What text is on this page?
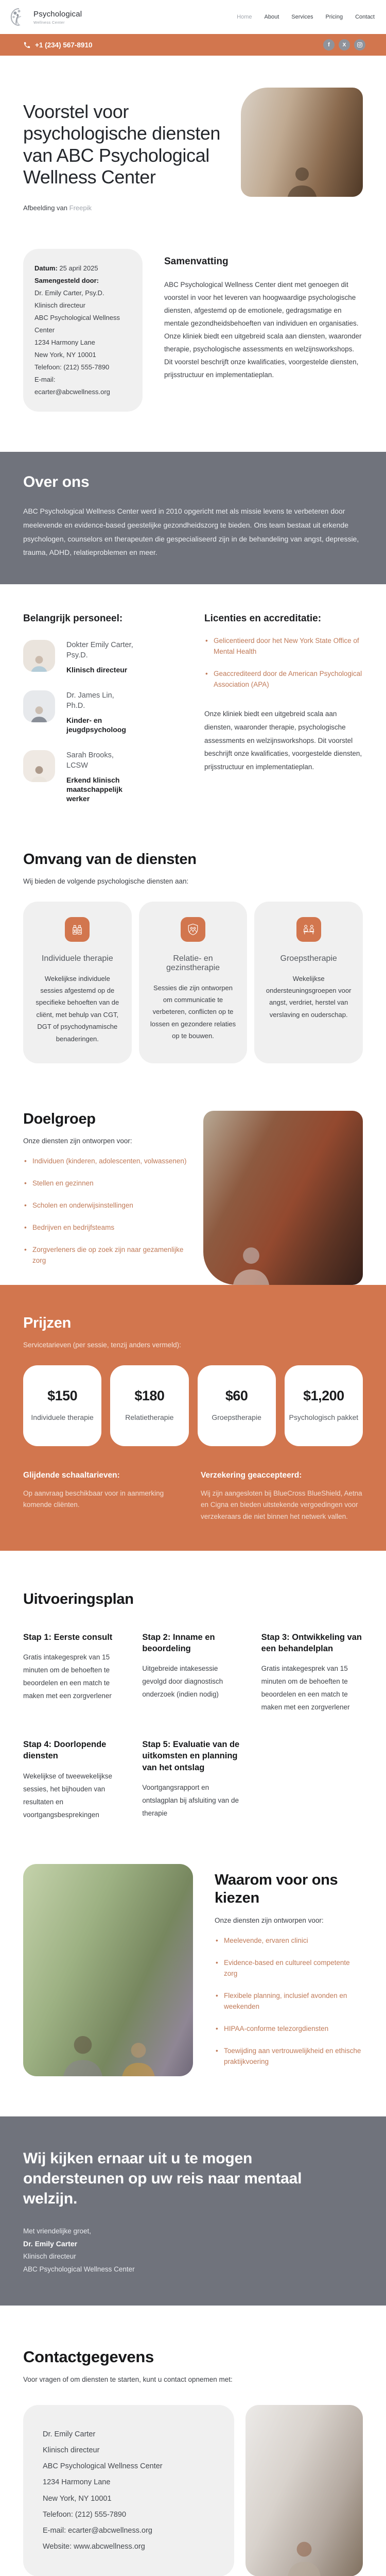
Psychological
Wellness Center
Home About Services Pricing Contact
+1 (234) 567-8910	f	X
Voorstel voor psychologische diensten van ABC Psychological Wellness Center

Afbeelding van Freepik

Datum: 25 april 2025
Samengesteld door:
Dr. Emily Carter, Psy.D.
Klinisch directeur
ABC Psychological Wellness Center
1234 Harmony Lane
New York, NY 10001
Telefoon: (212) 555-7890
E-mail: ecarter@abcwellness.org
Samenvatting

ABC Psychological Wellness Center dient met genoegen dit voorstel in voor het leveren van hoogwaardige psychologische diensten, afgestemd op de emotionele, gedragsmatige en mentale gezondheidsbehoeften van individuen en organisaties. Onze kliniek biedt een uitgebreid scala aan diensten, waaronder therapie, psychologische assessments en welzijnsworkshops. Dit voorstel beschrijft onze kwalificaties, voorgestelde diensten, prijsstructuur en implementatieplan.

Over ons

ABC Psychological Wellness Center werd in 2010 opgericht met als missie levens te verbeteren door meelevende en evidence-based geestelijke gezondheidszorg te bieden. Ons team bestaat uit erkende psychologen, counselors en therapeuten die gespecialiseerd zijn in de behandeling van angst, depressie, trauma, ADHD, relatieproblemen en meer.

Belangrijk personeel:
Dokter Emily Carter, Psy.D.
Klinisch directeur
Dr. James Lin, Ph.D.
Kinder- en jeugdpsycholoog
Sarah Brooks, LCSW
Erkend klinisch maatschappelijk werker
Licenties en accreditatie:
• Gelicentieerd door het New York State Office of Mental Health
• Geaccrediteerd door de American Psychological Association (APA)

Onze kliniek biedt een uitgebreid scala aan diensten, waaronder therapie, psychologische assessments en welzijnsworkshops. Dit voorstel beschrijft onze kwalificaties, voorgestelde diensten, prijsstructuur en implementatieplan.

Omvang van de diensten

Wij bieden de volgende psychologische diensten aan:

Individuele therapie
Wekelijkse individuele sessies afgestemd op de specifieke behoeften van de cliënt, met behulp van CGT, DGT of psychodynamische benaderingen.
Relatie- en gezinstherapie
Sessies die zijn ontworpen om communicatie te verbeteren, conflicten op te lossen en gezondere relaties op te bouwen.
Groepstherapie
Wekelijkse ondersteuningsgroepen voor angst, verdriet, herstel van verslaving en ouderschap.
Doelgroep

Onze diensten zijn ontworpen voor:

• Individuen (kinderen, adolescenten, volwassenen)
• Stellen en gezinnen
• Scholen en onderwijsinstellingen
• Bedrijven en bedrijfsteams
• Zorgverleners die op zoek zijn naar gezamenlijke zorg
Prijzen

Servicetarieven (per sessie, tenzij anders vermeld):

$150
Individuele therapie
$180
Relatietherapie
$60
Groepstherapie
$1,200
Psychologisch pakket
Glijdende schaaltarieven:

Op aanvraag beschikbaar voor in aanmerking komende cliënten.

Verzekering geaccepteerd:

Wij zijn aangesloten bij BlueCross BlueShield, Aetna en Cigna en bieden uitstekende vergoedingen voor verzekeraars die niet binnen het netwerk vallen.

Uitvoeringsplan
Stap 1: Eerste consult
Gratis intakegesprek van 15 minuten om de behoeften te beoordelen en een match te maken met een zorgverlener
Stap 2: Inname en beoordeling
Uitgebreide intakesessie gevolgd door diagnostisch onderzoek (indien nodig)
Stap 3: Ontwikkeling van een behandelplan
Gratis intakegesprek van 15 minuten om de behoeften te beoordelen en een match te maken met een zorgverlener
Stap 4: Doorlopende diensten
Wekelijkse of tweewekelijkse sessies, het bijhouden van resultaten en voortgangsbesprekingen
Stap 5: Evaluatie van de uitkomsten en planning van het ontslag
Voortgangsrapport en ontslagplan bij afsluiting van de therapie
Waarom voor ons kiezen

Onze diensten zijn ontworpen voor:

• Meelevende, ervaren clinici
• Evidence-based en cultureel competente zorg
• Flexibele planning, inclusief avonden en weekenden
• HIPAA-conforme telezorgdiensten
• Toewijding aan vertrouwelijkheid en ethische praktijkvoering
Wij kijken ernaar uit u te mogen ondersteunen op uw reis naar mentaal welzijn.
Met vriendelijke groet,
Dr. Emily Carter
Klinisch directeur
ABC Psychological Wellness Center
Contactgegevens

Voor vragen of om diensten te starten, kunt u contact opnemen met:

Dr. Emily Carter
Klinisch directeur
ABC Psychological Wellness Center
1234 Harmony Lane
New York, NY 10001
Telefoon: (212) 555-7890
E-mail: ecarter@abcwellness.org
Website: www.abcwellness.org
